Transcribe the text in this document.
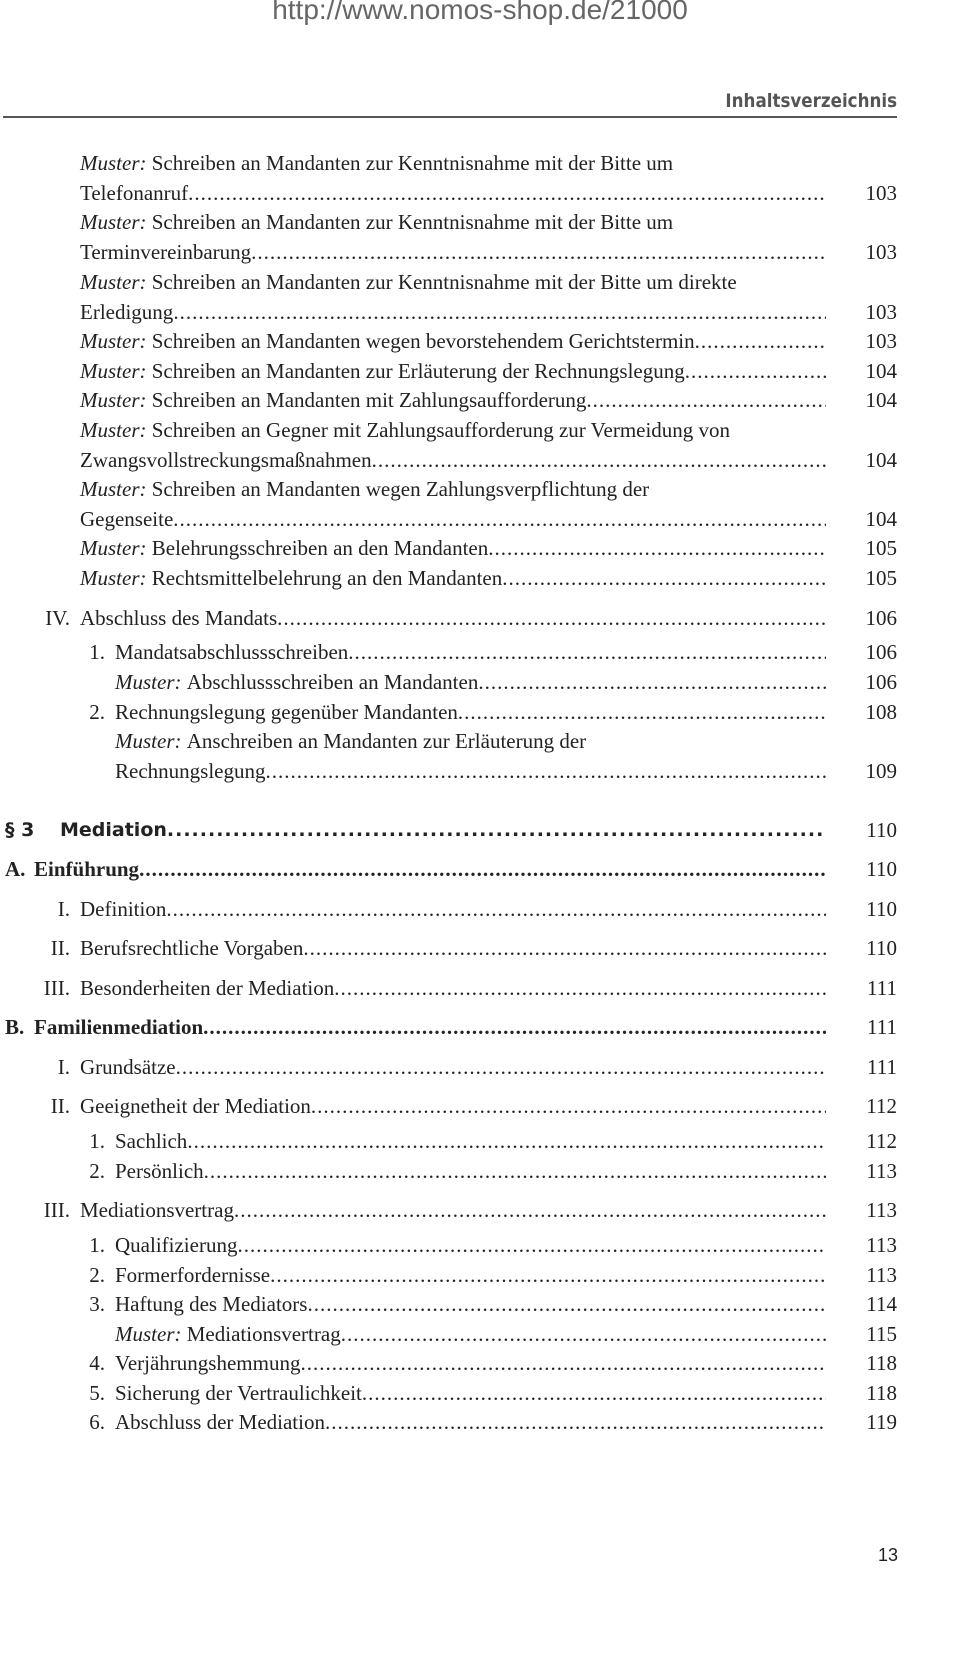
http://www.nomos-shop.de/21000
Inhaltsverzeichnis
Muster: Schreiben an Mandanten zur Kenntnisnahme mit der Bitte um
Telefonanruf .....	103
Muster: Schreiben an Mandanten zur Kenntnisnahme mit der Bitte um
Terminvereinbarung .....	103
Muster: Schreiben an Mandanten zur Kenntnisnahme mit der Bitte um direkte
Erledigung .....	103
Muster:
Schreiben an Mandanten wegen bevorstehendem Gerichtstermin .....	103
Muster:
Schreiben an Mandanten zur Erläuterung der Rechnungslegung .....	104
Muster:
Schreiben an Mandanten mit Zahlungsaufforderung .....	104
Muster: Schreiben an Gegner mit Zahlungsaufforderung zur Vermeidung von
Zwangsvollstreckungsmaßnahmen .....	104
Muster: Schreiben an Mandanten wegen Zahlungsverpflichtung der
Gegenseite .....	104
Muster:
Belehrungsschreiben an den Mandanten .....	105
Muster:
Rechtsmittelbelehrung an den Mandanten .....	105
IV. Abschluss des Mandats .....	106
1. Mandatsabschlussschreiben .....	106
Muster:
Abschlussschreiben an Mandanten .....	106
2. Rechnungslegung gegenüber Mandanten .....	108
Muster: Anschreiben an Mandanten zur Erläuterung der
Rechnungslegung .....	109
§ 3 Mediation .....	110
A. Einführung .....	110
I. Definition .....	110
II. Berufsrechtliche Vorgaben .....	110
III. Besonderheiten der Mediation .....	111
B. Familienmediation .....	111
I. Grundsätze .....	111
II. Geeignetheit der Mediation .....	112
1. Sachlich .....	112
2. Persönlich .....	113
III. Mediationsvertrag .....	113
1. Qualifizierung .....	113
2. Formerfordernisse .....	113
3. Haftung des Mediators .....	114
Muster:
Mediationsvertrag .....	115
4. Verjährungshemmung .....	118
5. Sicherung der Vertraulichkeit .....	118
6. Abschluss der Mediation .....	119
13
